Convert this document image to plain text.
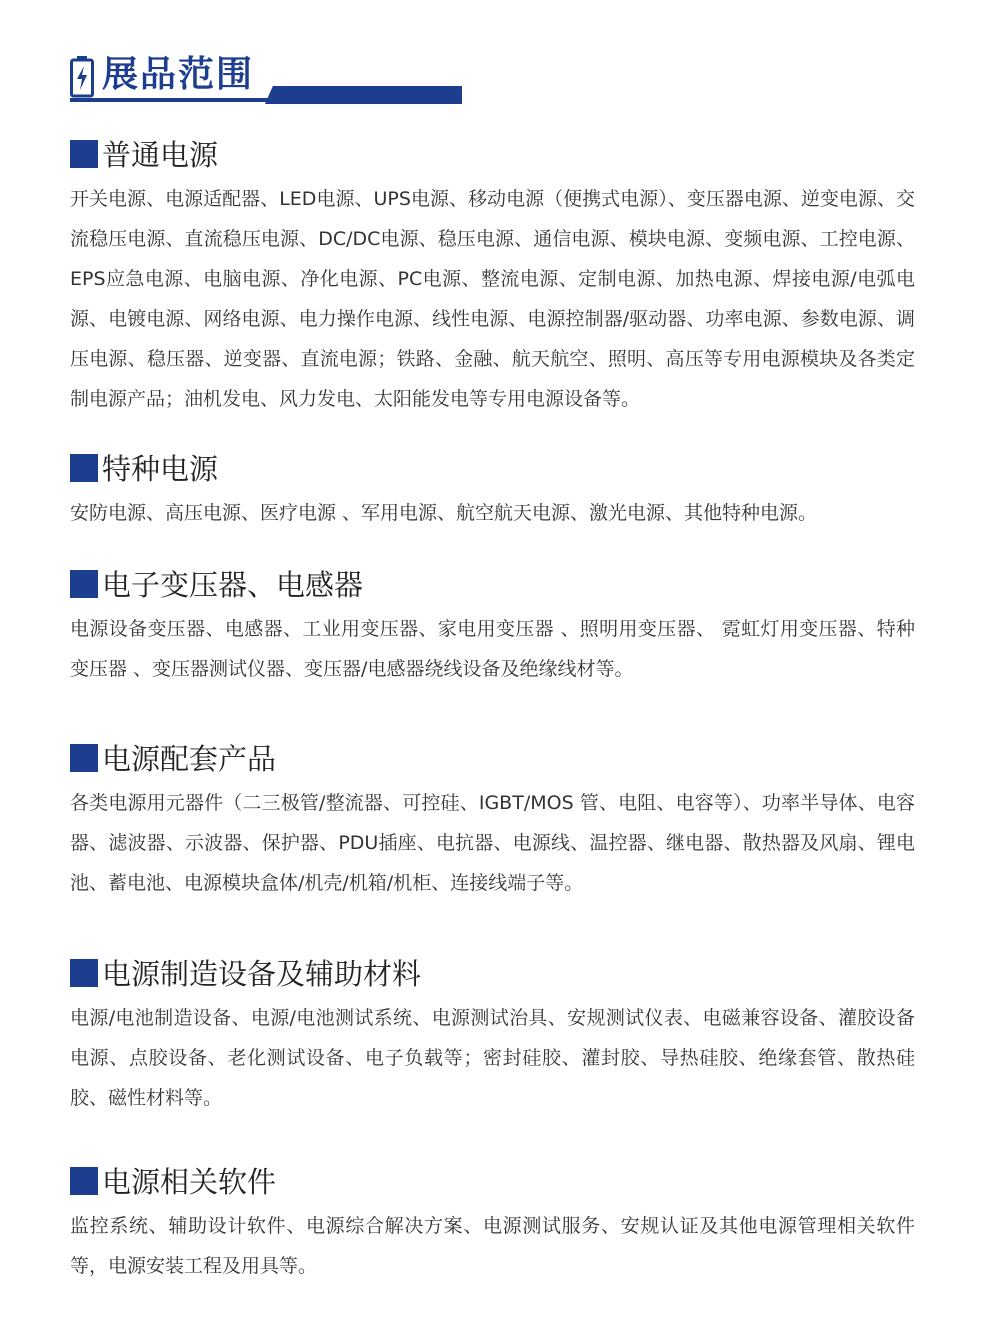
展品范围
普通电源
开关电源、电源适配器、LED电源、UPS电源、移动电源（便携式电源）、变压器电源、逆变电源、交流稳压电源、直流稳压电源、DC/DC电源、稳压电源、通信电源、模块电源、变频电源、工控电源、EPS应急电源、电脑电源、净化电源、PC电源、整流电源、定制电源、加热电源、焊接电源/电弧电源、电镀电源、网络电源、电力操作电源、线性电源、电源控制器/驱动器、功率电源、参数电源、调压电源、稳压器、逆变器、直流电源；铁路、金融、航天航空、照明、高压等专用电源模块及各类定制电源产品；油机发电、风力发电、太阳能发电等专用电源设备等。
特种电源
安防电源、高压电源、医疗电源 、军用电源、航空航天电源、激光电源、其他特种电源。
电子变压器、电感器
电源设备变压器、电感器、工业用变压器、家电用变压器 、照明用变压器、 霓虹灯用变压器、特种变压器 、变压器测试仪器、变压器/电感器绕线设备及绝缘线材等。
电源配套产品
各类电源用元器件（二三极管/整流器、可控硅、IGBT/MOS 管、电阻、电容等）、功率半导体、电容器、滤波器、示波器、保护器、PDU插座、电抗器、电源线、温控器、继电器、散热器及风扇、锂电池、蓄电池、电源模块盒体/机壳/机箱/机柜、连接线端子等。
电源制造设备及辅助材料
电源/电池制造设备、电源/电池测试系统、电源测试治具、安规测试仪表、电磁兼容设备、灌胶设备电源、点胶设备、老化测试设备、电子负载等；密封硅胶、灌封胶、导热硅胶、绝缘套管、散热硅胶、磁性材料等。
电源相关软件
监控系统、辅助设计软件、电源综合解决方案、电源测试服务、安规认证及其他电源管理相关软件等，电源安装工程及用具等。
